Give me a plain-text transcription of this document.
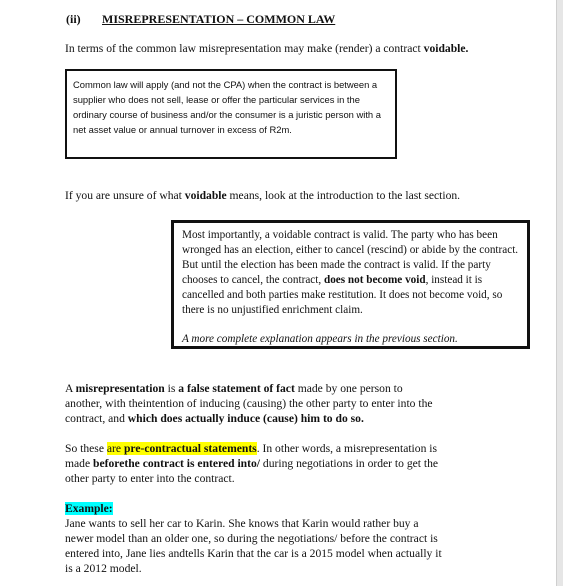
(ii) MISREPRESENTATION – COMMON LAW

In terms of the common law misrepresentation may make (render) a contract voidable.

Common law will apply (and not the CPA) when the contract is between a supplier who does not sell, lease or offer the particular services in the ordinary course of business and/or the consumer is a juristic person with a net asset value or annual turnover in excess of R2m.

If you are unsure of what voidable means, look at the introduction to the last section.

Most importantly, a voidable contract is valid. The party who has been wronged has an election, either to cancel (rescind) or abide by the contract. But until the election has been made the contract is valid. If the party chooses to cancel, the contract, does not become void, instead it is cancelled and both parties make restitution. It does not become void, so there is no unjustified enrichment claim.

A more complete explanation appears in the previous section.

A misrepresentation is a false statement of fact made by one person to another, with theintention of inducing (causing) the other party to enter into the contract, and which does actually induce (cause) him to do so.

So these are pre-contractual statements. In other words, a misrepresentation is made beforethe contract is entered into/ during negotiations in order to get the other party to enter into the contract.

Example:

Jane wants to sell her car to Karin. She knows that Karin would rather buy a newer model than an older one, so during the negotiations/ before the contract is entered into, Jane lies andtells Karin that the car is a 2015 model when actually it is a 2012 model.
